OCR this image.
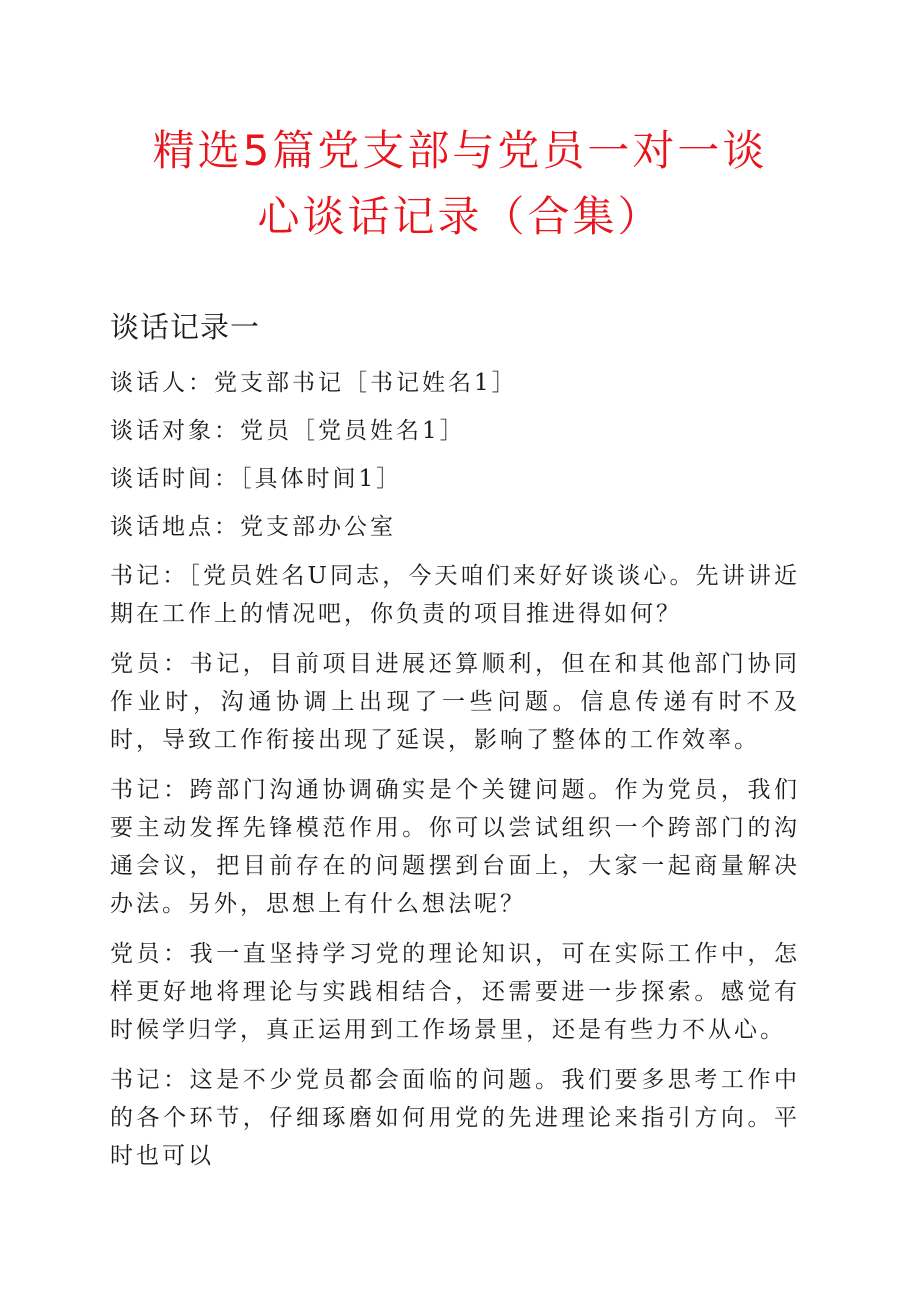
精选5篇党支部与党员一对一谈
心谈话记录（合集）
谈话记录一

谈话人：党支部书记［书记姓名1］

谈话对象：党员［党员姓名1］

谈话时间：［具体时间1］

谈话地点：党支部办公室

书记：［党员姓名U同志，今天咱们来好好谈谈心。先讲讲近期在工作上的情况吧，你负责的项目推进得如何？

党员：书记，目前项目进展还算顺利，但在和其他部门协同作业时，沟通协调上出现了一些问题。信息传递有时不及时，导致工作衔接出现了延误，影响了整体的工作效率。

书记：跨部门沟通协调确实是个关键问题。作为党员，我们要主动发挥先锋模范作用。你可以尝试组织一个跨部门的沟通会议，把目前存在的问题摆到台面上，大家一起商量解决办法。另外，思想上有什么想法呢？

党员：我一直坚持学习党的理论知识，可在实际工作中，怎样更好地将理论与实践相结合，还需要进一步探索。感觉有时候学归学，真正运用到工作场景里，还是有些力不从心。

书记：这是不少党员都会面临的问题。我们要多思考工作中的各个环节，仔细琢磨如何用党的先进理论来指引方向。平时也可以
